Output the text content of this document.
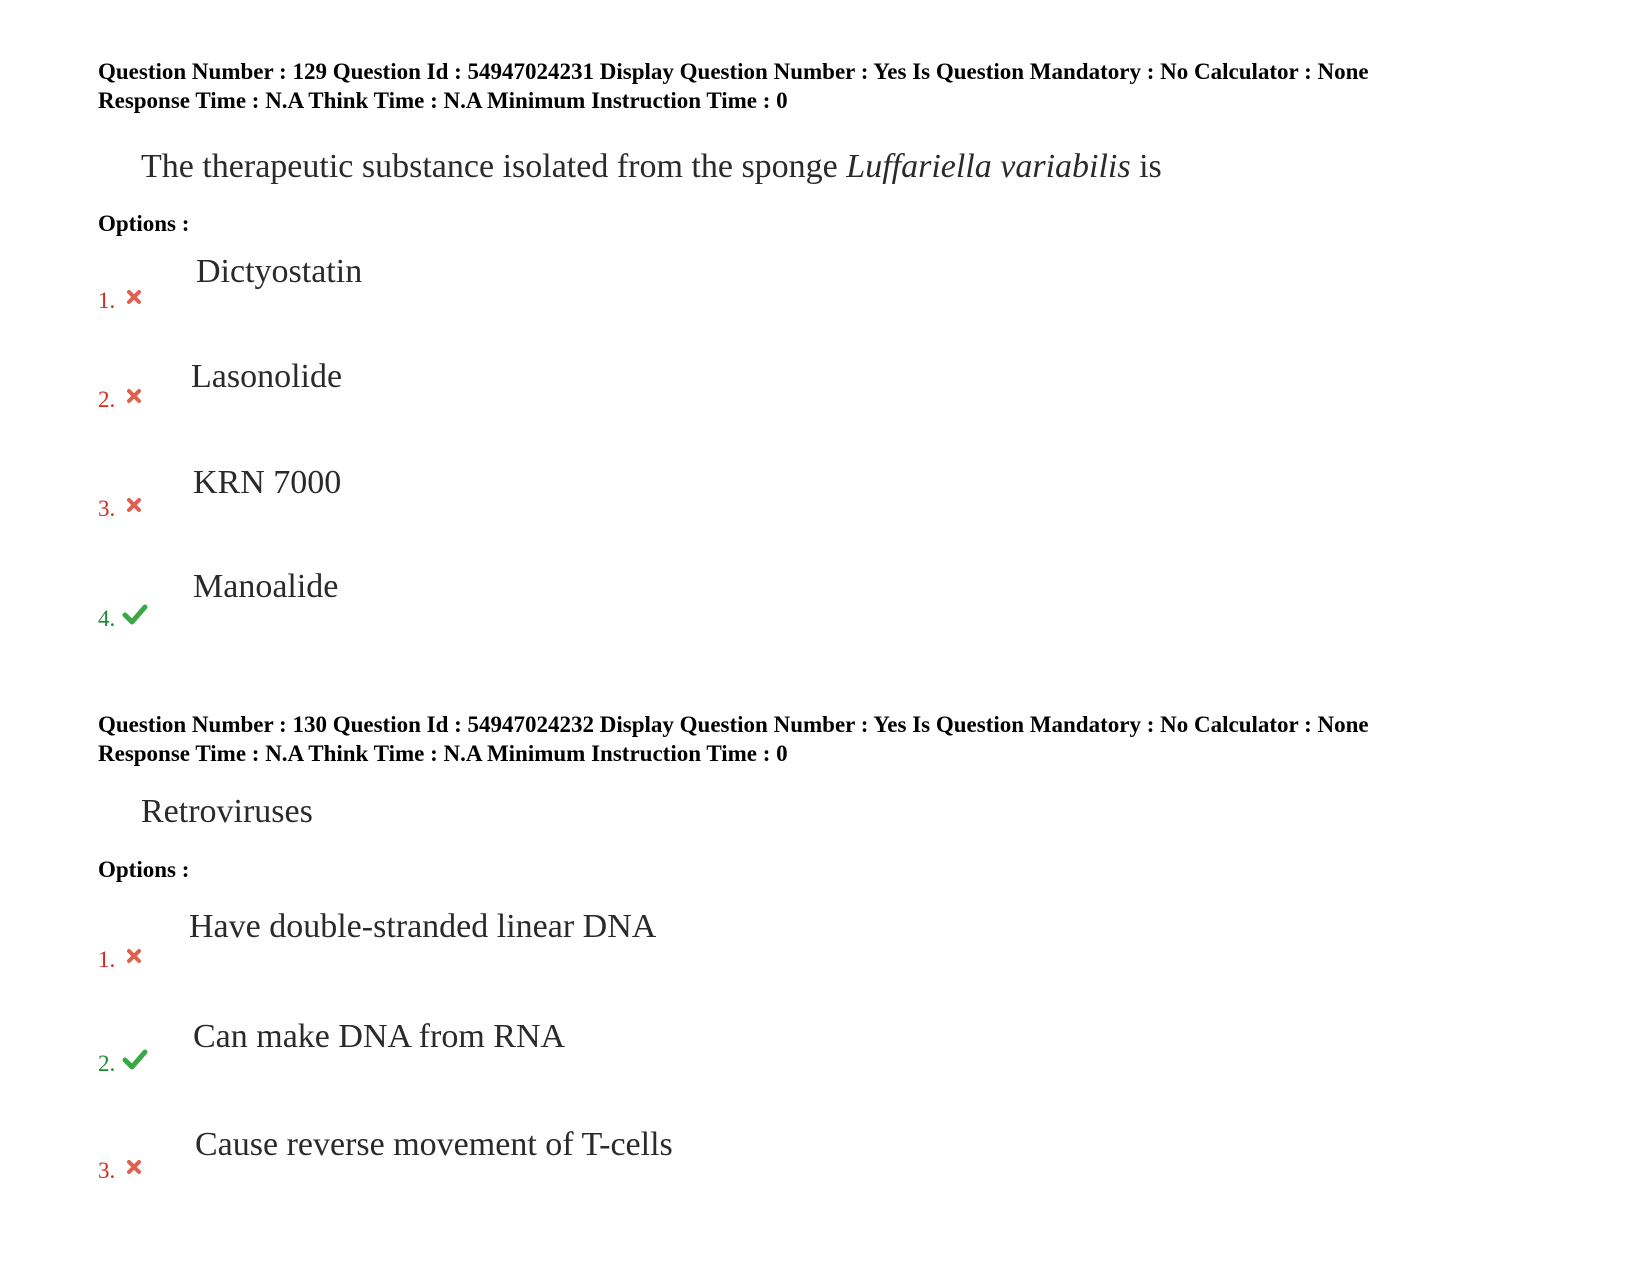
Question Number : 129 Question Id : 54947024231 Display Question Number : Yes Is Question Mandatory : No Calculator : None
Response Time : N.A Think Time : N.A Minimum Instruction Time : 0
The therapeutic substance isolated from the sponge Luffariella variabilis is
Options :
1.
Dictyostatin
2.
Lasonolide
3.
KRN 7000
4.
Manoalide
Question Number : 130 Question Id : 54947024232 Display Question Number : Yes Is Question Mandatory : No Calculator : None
Response Time : N.A Think Time : N.A Minimum Instruction Time : 0
Retroviruses
Options :
1.
Have double-stranded linear DNA
2.
Can make DNA from RNA
3.
Cause reverse movement of T-cells
